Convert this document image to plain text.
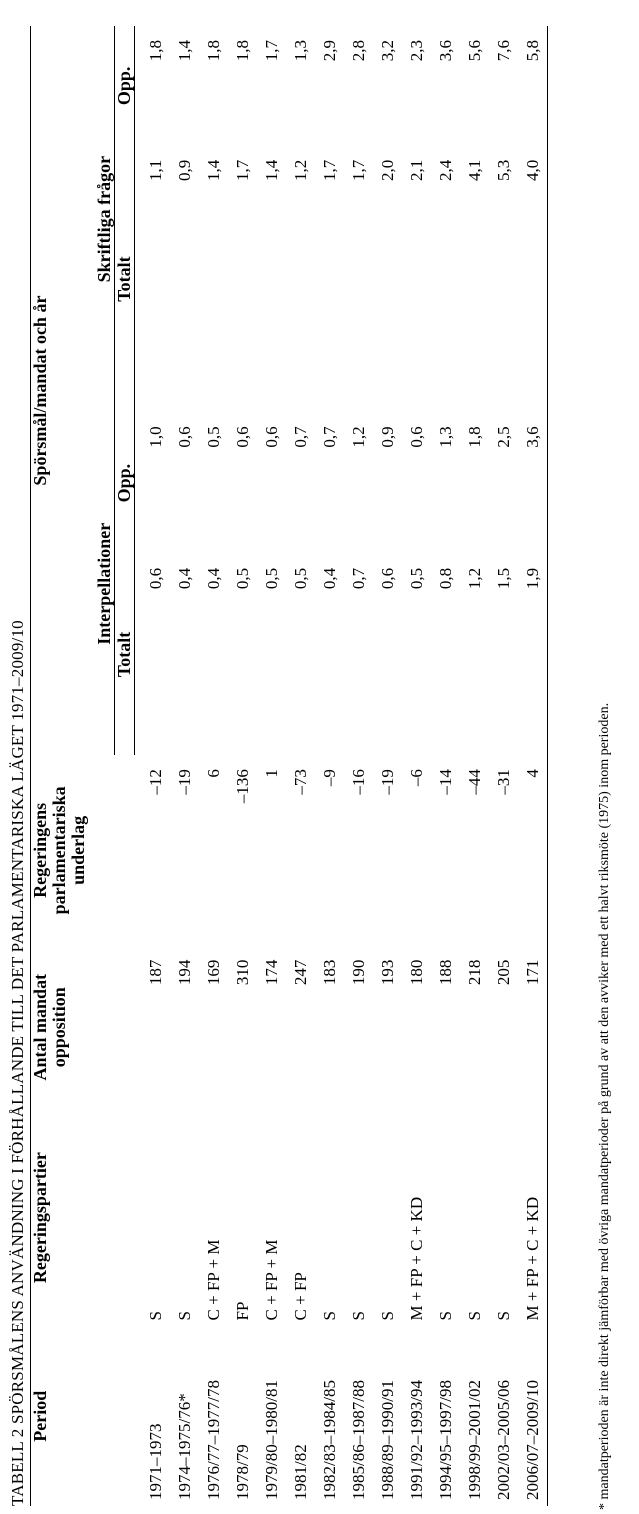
TABELL 2 SPÖRSMÅLENS ANVÄNDNING I FÖRHÅLLANDE TILL DET PARLAMENTARISKA LÄGET 1971–2009/10 Period	Regeringspartier	Antal mandat
opposition	Regeringens
parlamentariska
underlag	Spörsmål/mandat och år			
				Interpellationer		Skriftliga frågor	
				Totalt	Opp.	Totalt	Opp.
1971–1973	S	187	–12	0,6	1,0	1,1	1,8
1974–1975/76*	S	194	–19	0,4	0,6	0,9	1,4
1976/77–1977/78	C + FP + M	169	6	0,4	0,5	1,4	1,8
1978/79	FP	310	–136	0,5	0,6	1,7	1,8
1979/80–1980/81	C + FP + M	174	1	0,5	0,6	1,4	1,7
1981/82	C + FP	247	–73	0,5	0,7	1,2	1,3
1982/83–1984/85	S	183	–9	0,4	0,7	1,7	2,9
1985/86–1987/88	S	190	–16	0,7	1,2	1,7	2,8
1988/89–1990/91	S	193	–19	0,6	0,9	2,0	3,2
1991/92–1993/94	M + FP + C + KD	180	–6	0,5	0,6	2,1	2,3
1994/95–1997/98	S	188	–14	0,8	1,3	2,4	3,6
1998/99–2001/02	S	218	–44	1,2	1,8	4,1	5,6
2002/03–2005/06	S	205	–31	1,5	2,5	5,3	7,6
2006/07–2009/10	M + FP + C + KD	171	4	1,9	3,6	4,0	5,8
* mandatperioden är inte direkt jämförbar med övriga mandatperioder på grund av att den avviker med ett halvt riksmöte (1975) inom perioden.
